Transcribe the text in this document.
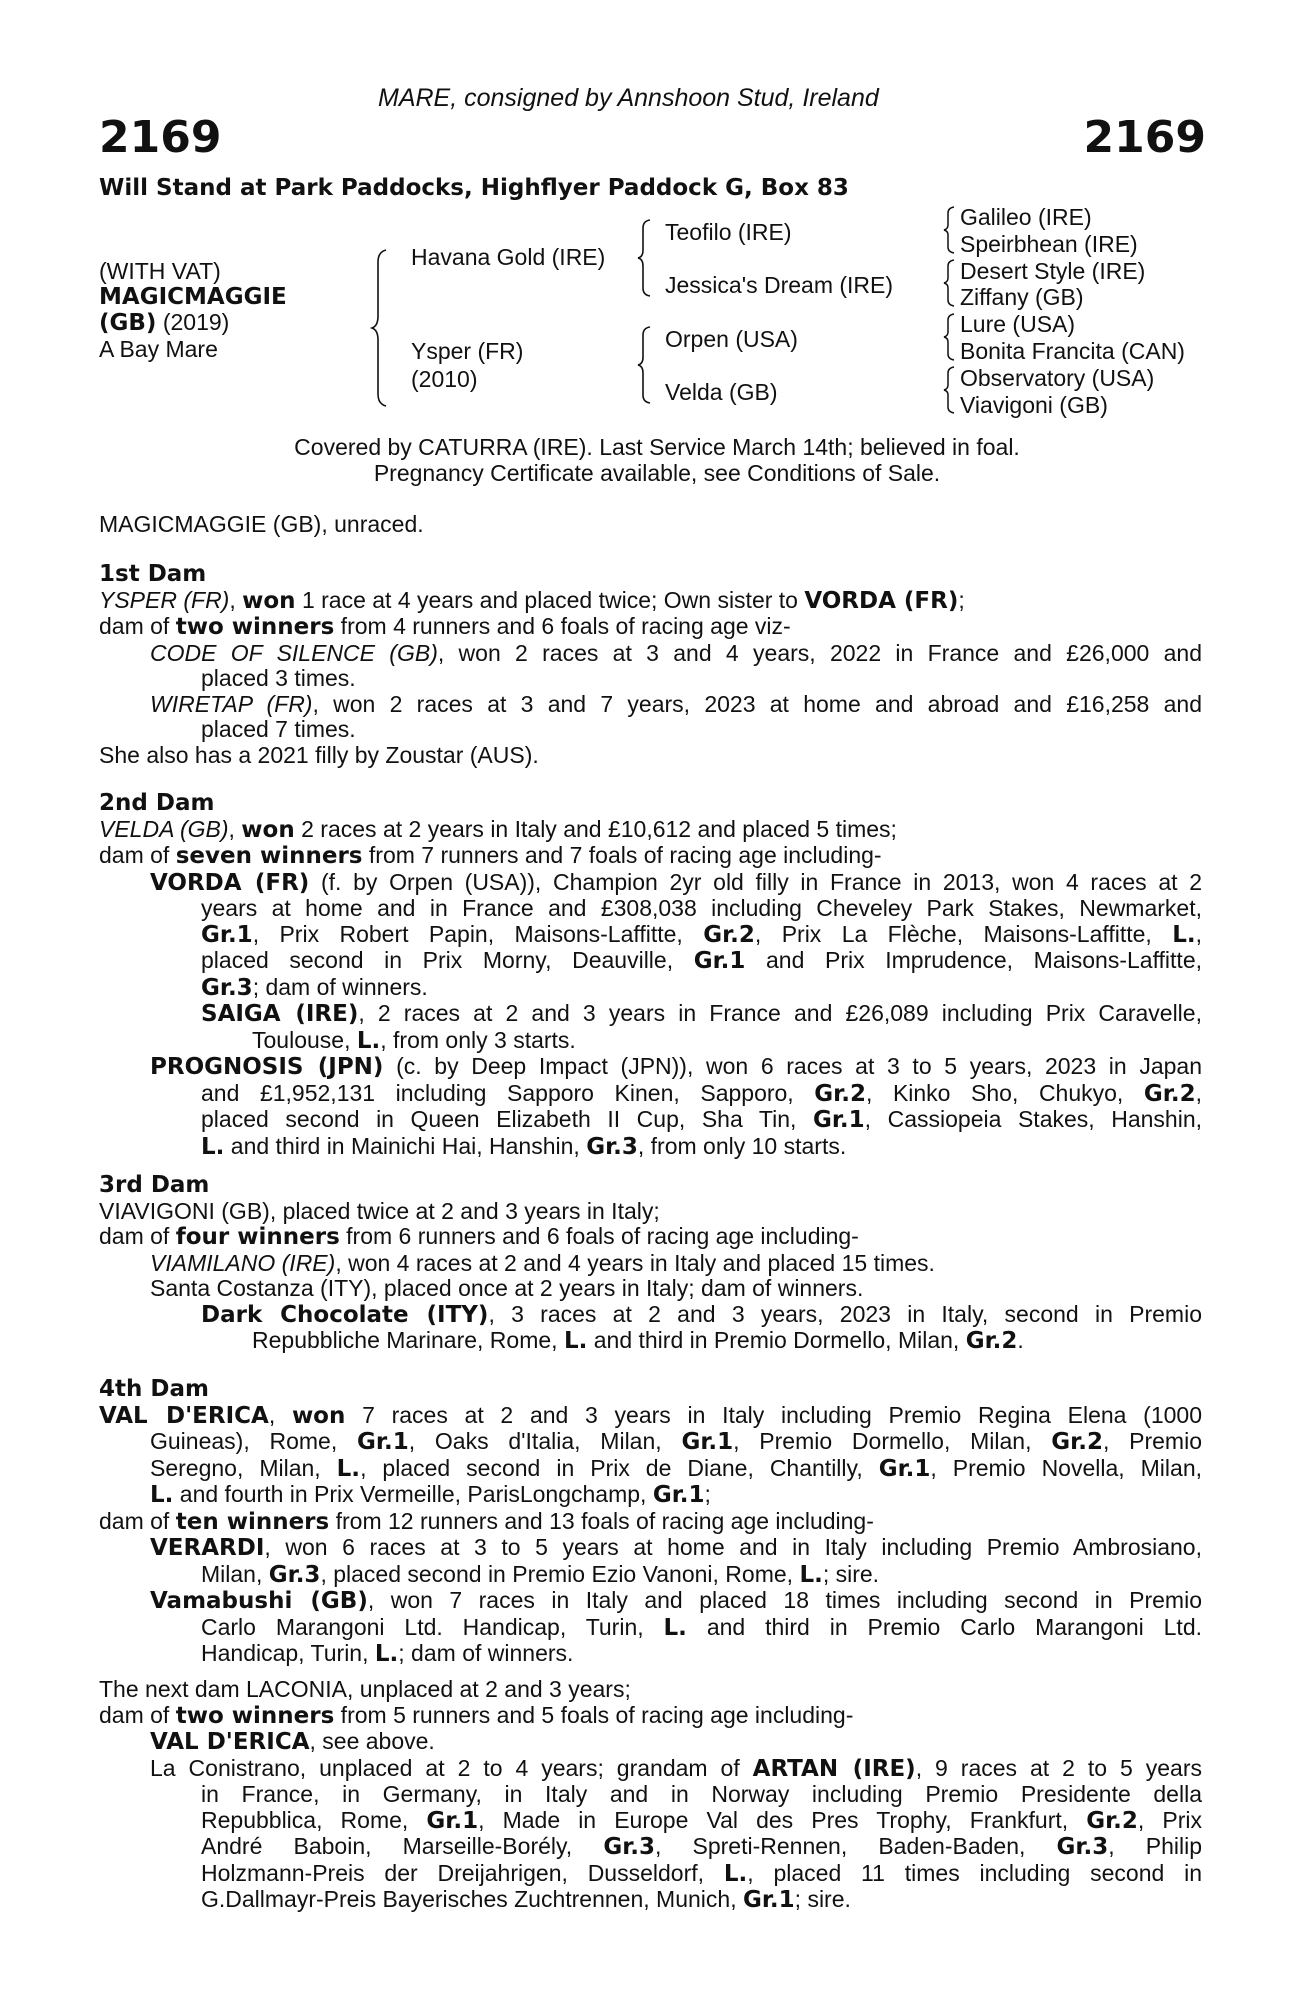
MARE, consigned by Annshoon Stud, Ireland
2169	2169
Will Stand at Park Paddocks, Highflyer Paddock G, Box 83
(WITH VAT)
MAGICMAGGIE
(GB) (2019)
A Bay Mare
Havana Gold (IRE)
Ysper (FR)
(2010)
Teofilo (IRE)
Jessica's Dream (IRE)
Orpen (USA)
Velda (GB)
Galileo (IRE)
Speirbhean (IRE)
Desert Style (IRE)
Ziffany (GB)
Lure (USA)
Bonita Francita (CAN)
Observatory (USA)
Viavigoni (GB)
Covered by CATURRA (IRE). Last Service March 14th; believed in foal.
Pregnancy Certificate available, see Conditions of Sale.
MAGICMAGGIE (GB), unraced.
1st Dam
YSPER (FR), won 1 race at 4 years and placed twice; Own sister to VORDA (FR);
dam of two winners from 4 runners and 6 foals of racing age viz-
CODE OF SILENCE (GB), won 2 races at 3 and 4 years, 2022 in France and £26,000 and
placed 3 times.
WIRETAP (FR), won 2 races at 3 and 7 years, 2023 at home and abroad and £16,258 and
placed 7 times.
She also has a 2021 filly by Zoustar (AUS).
2nd Dam
VELDA (GB), won 2 races at 2 years in Italy and £10,612 and placed 5 times;
dam of seven winners from 7 runners and 7 foals of racing age including-
VORDA (FR) (f. by Orpen (USA)), Champion 2yr old filly in France in 2013, won 4 races at 2
years at home and in France and £308,038 including Cheveley Park Stakes, Newmarket,
Gr.1, Prix Robert Papin, Maisons-Laffitte, Gr.2, Prix La Flèche, Maisons-Laffitte, L.,
placed second in Prix Morny, Deauville, Gr.1 and Prix Imprudence, Maisons-Laffitte,
Gr.3; dam of winners.
SAIGA (IRE), 2 races at 2 and 3 years in France and £26,089 including Prix Caravelle,
Toulouse, L., from only 3 starts.
PROGNOSIS (JPN) (c. by Deep Impact (JPN)), won 6 races at 3 to 5 years, 2023 in Japan
and £1,952,131 including Sapporo Kinen, Sapporo, Gr.2, Kinko Sho, Chukyo, Gr.2,
placed second in Queen Elizabeth II Cup, Sha Tin, Gr.1, Cassiopeia Stakes, Hanshin,
L. and third in Mainichi Hai, Hanshin, Gr.3, from only 10 starts.
3rd Dam
VIAVIGONI (GB), placed twice at 2 and 3 years in Italy;
dam of four winners from 6 runners and 6 foals of racing age including-
VIAMILANO (IRE), won 4 races at 2 and 4 years in Italy and placed 15 times.
Santa Costanza (ITY), placed once at 2 years in Italy; dam of winners.
Dark Chocolate (ITY), 3 races at 2 and 3 years, 2023 in Italy, second in Premio
Repubbliche Marinare, Rome, L. and third in Premio Dormello, Milan, Gr.2.
4th Dam
VAL D'ERICA, won 7 races at 2 and 3 years in Italy including Premio Regina Elena (1000
Guineas), Rome, Gr.1, Oaks d'Italia, Milan, Gr.1, Premio Dormello, Milan, Gr.2, Premio
Seregno, Milan, L., placed second in Prix de Diane, Chantilly, Gr.1, Premio Novella, Milan,
L. and fourth in Prix Vermeille, ParisLongchamp, Gr.1;
dam of ten winners from 12 runners and 13 foals of racing age including-
VERARDI, won 6 races at 3 to 5 years at home and in Italy including Premio Ambrosiano,
Milan, Gr.3, placed second in Premio Ezio Vanoni, Rome, L.; sire.
Vamabushi (GB), won 7 races in Italy and placed 18 times including second in Premio
Carlo Marangoni Ltd. Handicap, Turin, L. and third in Premio Carlo Marangoni Ltd.
Handicap, Turin, L.; dam of winners.
The next dam LACONIA, unplaced at 2 and 3 years;
dam of two winners from 5 runners and 5 foals of racing age including-
VAL D'ERICA, see above.
La Conistrano, unplaced at 2 to 4 years; grandam of ARTAN (IRE), 9 races at 2 to 5 years
in France, in Germany, in Italy and in Norway including Premio Presidente della
Repubblica, Rome, Gr.1, Made in Europe Val des Pres Trophy, Frankfurt, Gr.2, Prix
André Baboin, Marseille-Borély, Gr.3, Spreti-Rennen, Baden-Baden, Gr.3, Philip
Holzmann-Preis der Dreijahrigen, Dusseldorf, L., placed 11 times including second in
G.Dallmayr-Preis Bayerisches Zuchtrennen, Munich, Gr.1; sire.
